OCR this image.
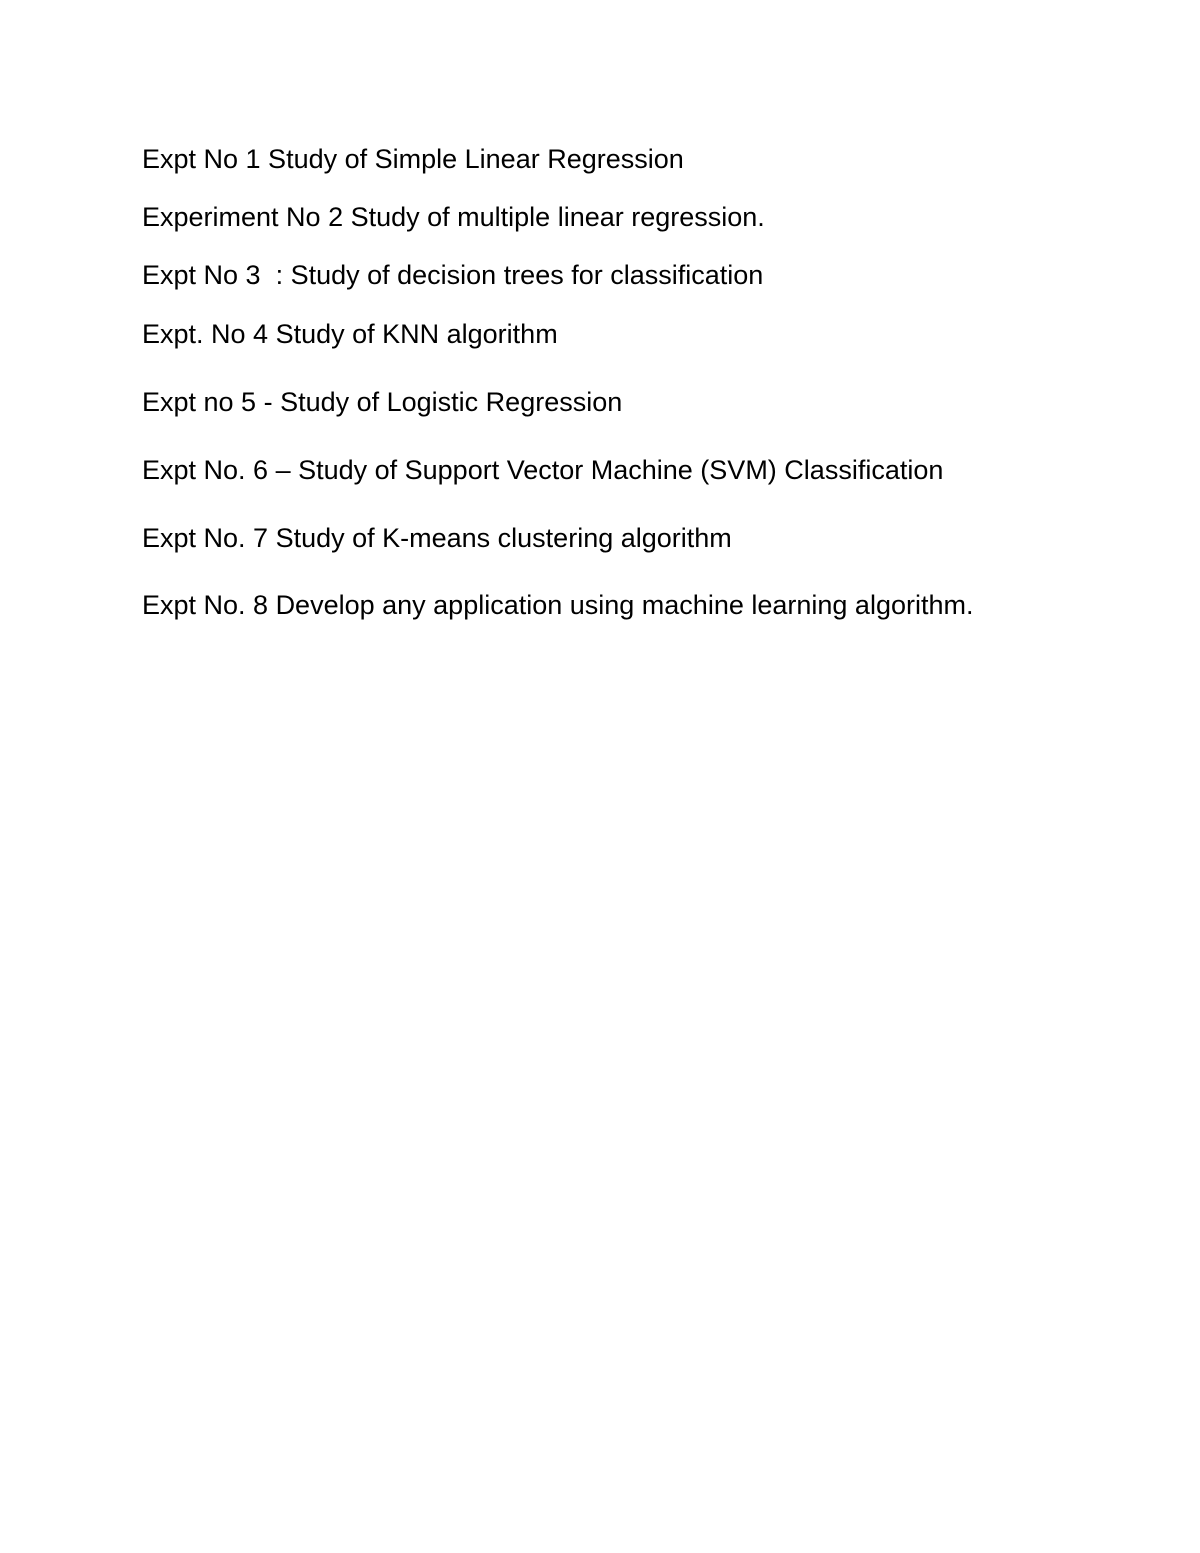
Expt No 1 Study of Simple Linear Regression

Experiment No 2 Study of multiple linear regression.

Expt No 3  : Study of decision trees for classification

Expt. No 4 Study of KNN algorithm

Expt no 5 - Study of Logistic Regression

Expt No. 6 – Study of Support Vector Machine (SVM) Classification

Expt No. 7 Study of K-means clustering algorithm

Expt No. 8 Develop any application using machine learning algorithm.
